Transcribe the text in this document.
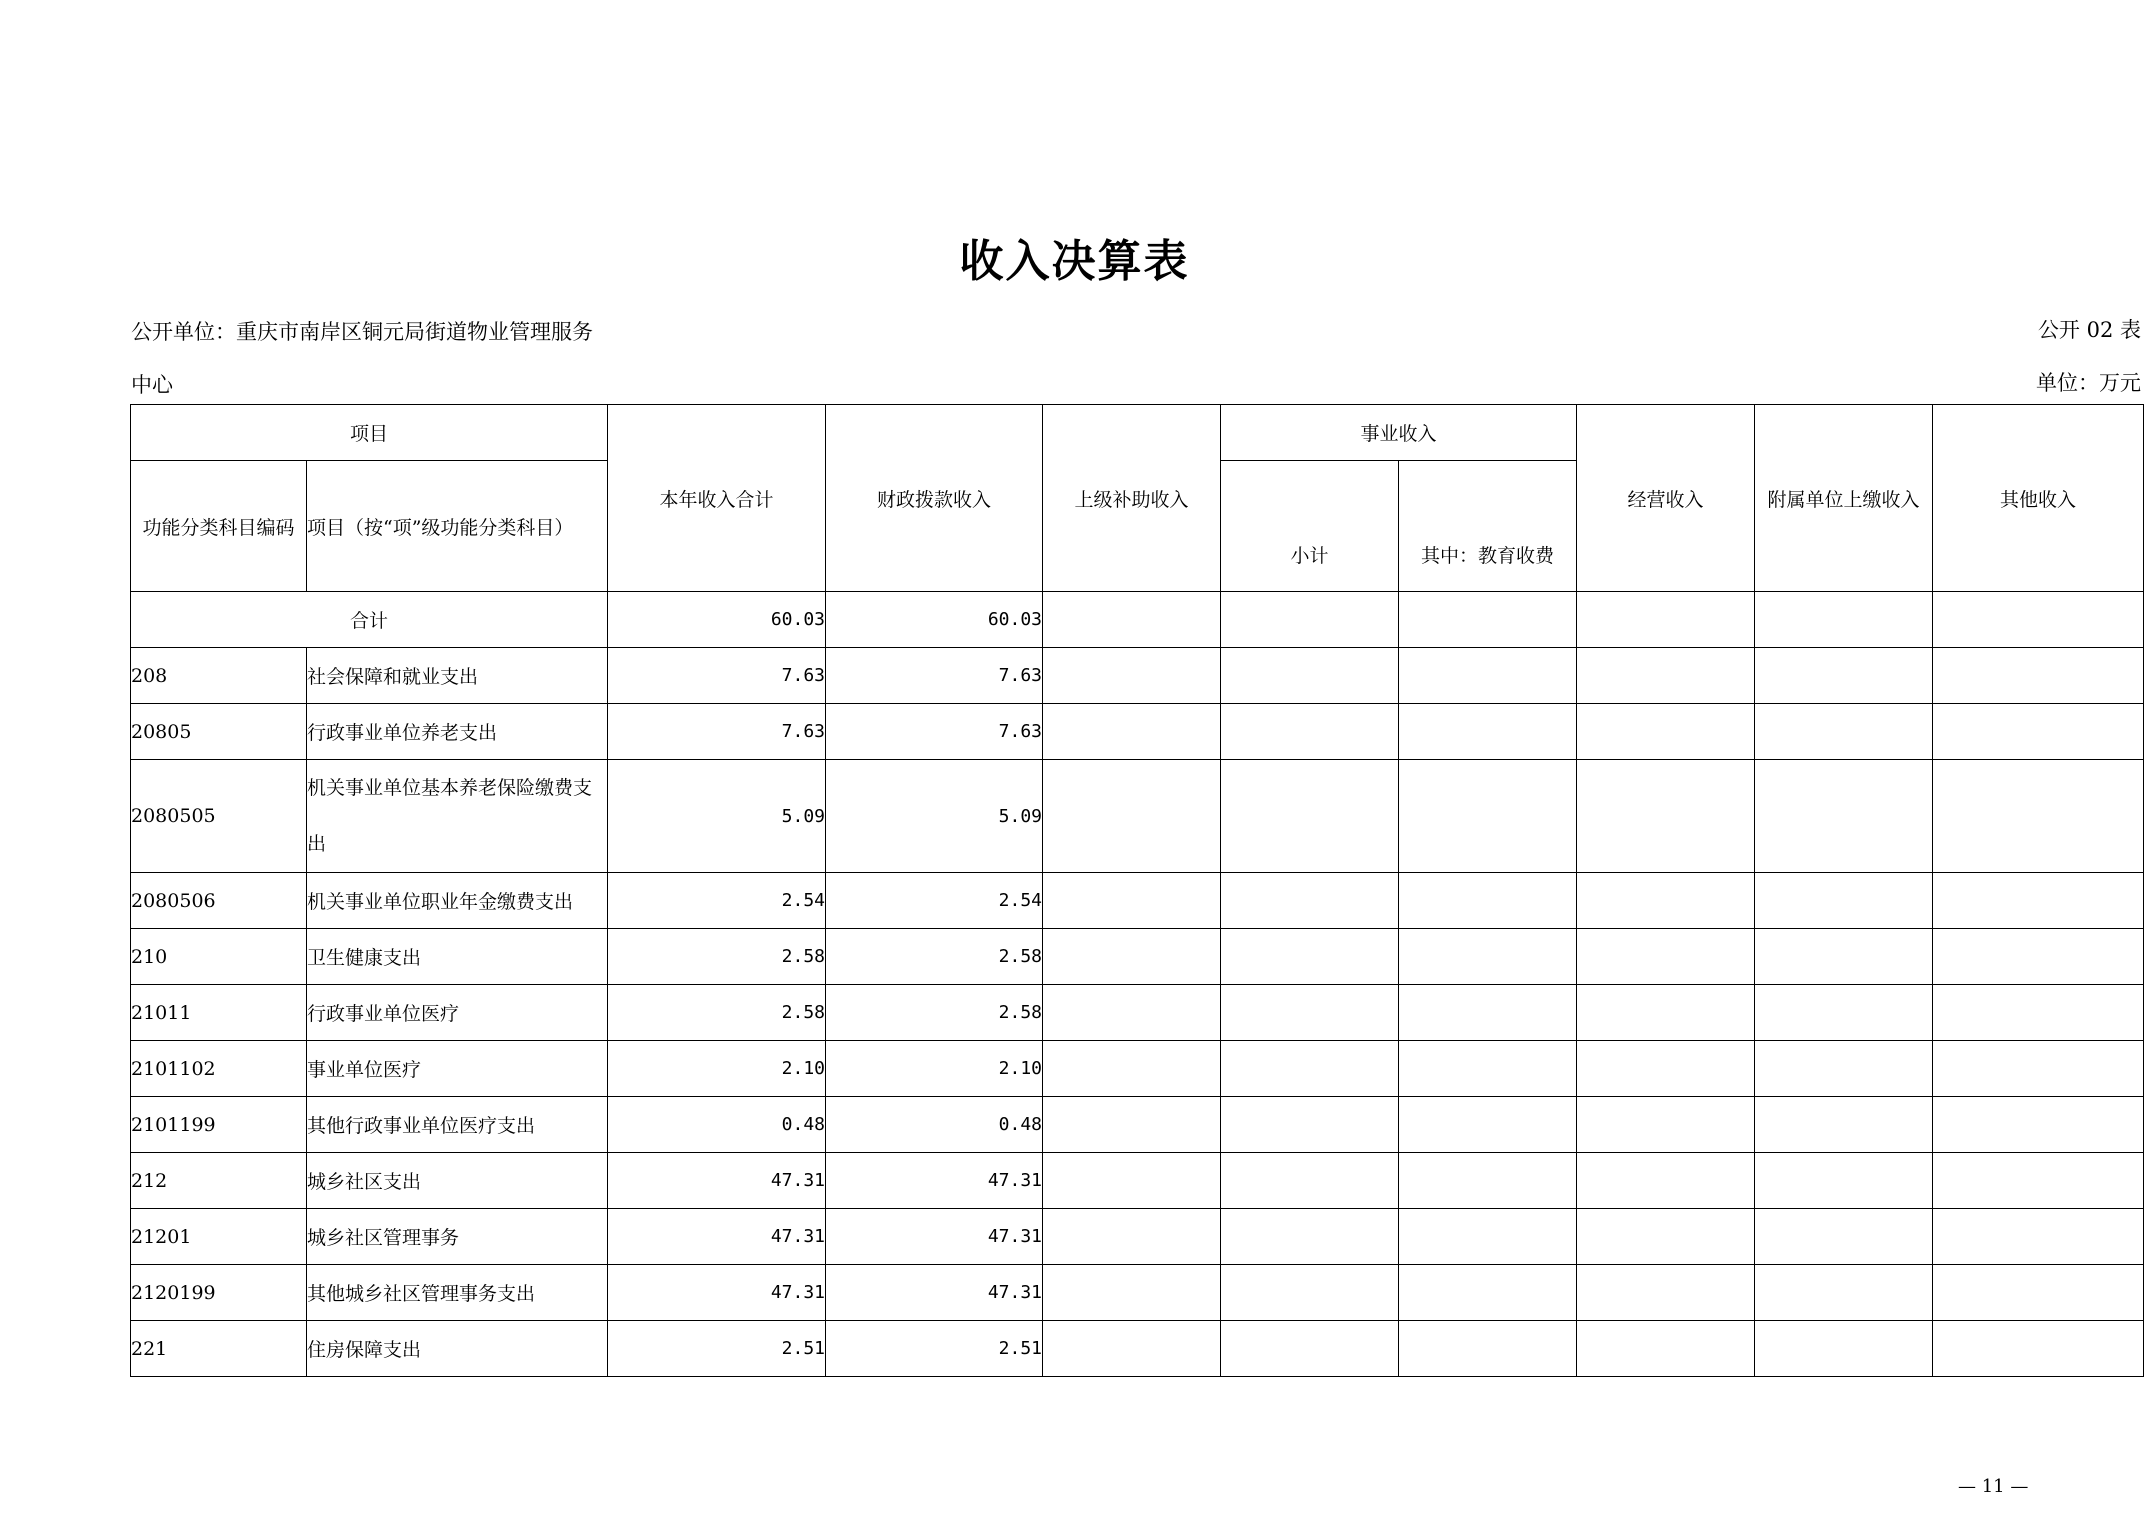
收入决算表
公开单位：重庆市南岸区铜元局街道物业管理服务
中心
公开 02 表
单位：万元
项目		本年收入合计	财政拨款收入	上级补助收入	事业收入		经营收入	附属单位上缴收入	其他收入
功能分类科目编码	项目（按“项”级功能分类科目）				小计	其中：教育收费			
合计		60.03	60.03						
208	社会保障和就业支出	7.63	7.63						
20805	行政事业单位养老支出	7.63	7.63						
2080505	机关事业单位基本养老保险缴费支出	5.09	5.09						
2080506	机关事业单位职业年金缴费支出	2.54	2.54						
210	卫生健康支出	2.58	2.58						
21011	行政事业单位医疗	2.58	2.58						
2101102	事业单位医疗	2.10	2.10						
2101199	其他行政事业单位医疗支出	0.48	0.48						
212	城乡社区支出	47.31	47.31						
21201	城乡社区管理事务	47.31	47.31						
2120199	其他城乡社区管理事务支出	47.31	47.31						
221	住房保障支出	2.51	2.51						
— 11 —
